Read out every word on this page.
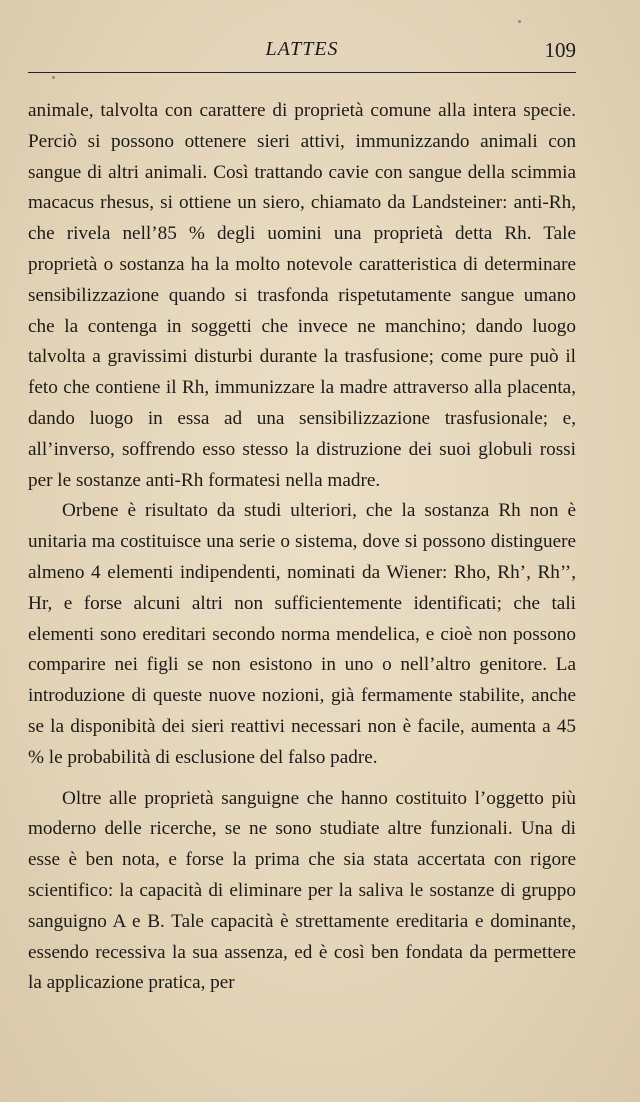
LATTES	109

animale, talvolta con carattere di proprietà comune alla intera specie. Perciò si possono ottenere sieri attivi, immunizzando animali con sangue di altri animali. Così trattando cavie con sangue della scimmia macacus rhesus, si ottiene un siero, chiamato da Landsteiner: anti-Rh, che rivela nell’85 % degli uomini una proprietà detta Rh. Tale proprietà o sostanza ha la molto notevole caratteristica di determinare sensibilizzazione quando si trasfonda rispetutamente sangue umano che la contenga in soggetti che invece ne manchino; dando luogo talvolta a gravissimi disturbi durante la trasfusione; come pure può il feto che contiene il Rh, immunizzare la madre attraverso alla placenta, dando luogo in essa ad una sensibilizzazione trasfusionale; e, all’inverso, soffrendo esso stesso la distruzione dei suoi globuli rossi per le sostanze anti-Rh formatesi nella madre.

Orbene è risultato da studi ulteriori, che la sostanza Rh non è unitaria ma costituisce una serie o sistema, dove si possono distinguere almeno 4 elementi indipendenti, nominati da Wiener: Rho, Rh’, Rh’’, Hr, e forse alcuni altri non sufficientemente identificati; che tali elementi sono ereditari secondo norma mendelica, e cioè non possono comparire nei figli se non esistono in uno o nell’altro genitore. La introduzione di queste nuove nozioni, già fermamente stabilite, anche se la disponibità dei sieri reattivi necessari non è facile, aumenta a 45 % le probabilità di esclusione del falso padre.

Oltre alle proprietà sanguigne che hanno costituito l’oggetto più moderno delle ricerche, se ne sono studiate altre funzionali. Una di esse è ben nota, e forse la prima che sia stata accertata con rigore scientifico: la capacità di eliminare per la saliva le sostanze di gruppo sanguigno A e B. Tale capacità è strettamente ereditaria e dominante, essendo recessiva la sua assenza, ed è così ben fondata da permettere la applicazione pratica, per
